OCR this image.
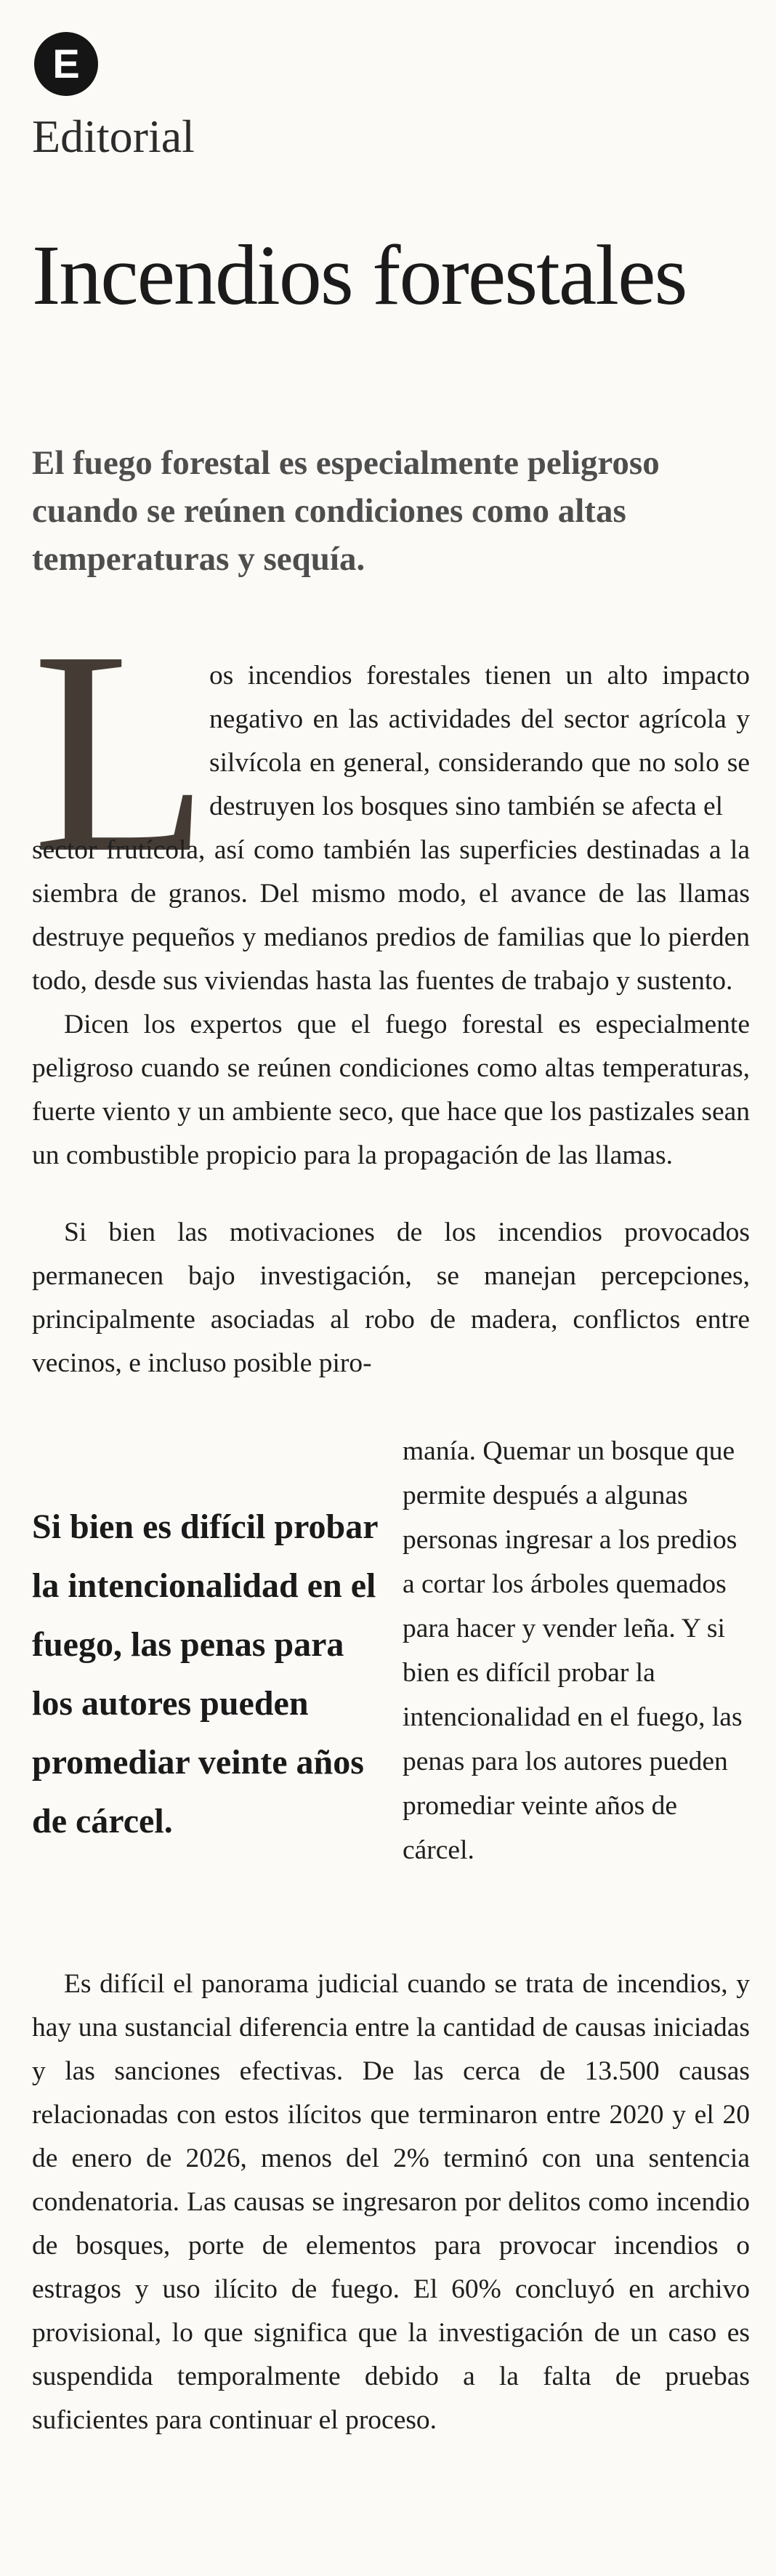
E
Editorial
Incendios forestales

El fuego forestal es especialmente peligroso cuando se reúnen condiciones como altas temperaturas y sequía.

L os incendios forestales tienen un alto impacto negativo en las actividades del sector agrícola y silvícola en general, considerando que no solo se destruyen los bosques sino también se afecta el
sector frutícola, así como también las superficies destinadas a la siembra de granos. Del mismo modo, el avance de las llamas destruye pequeños y medianos predios de familias que lo pierden todo, desde sus viviendas hasta las fuentes de trabajo y sustento.

Dicen los expertos que el fuego forestal es especialmente peligroso cuando se reúnen condiciones como altas temperaturas, fuerte viento y un ambiente seco, que hace que los pastizales sean un combustible propicio para la propagación de las llamas.

Si bien las motivaciones de los incendios provocados permanecen bajo investigación, se manejan percepciones, principalmente asociadas al robo de madera, conflictos entre vecinos, e incluso posible piro-

Si bien es difícil probar la intencionalidad en el fuego, las penas para los autores pueden promediar veinte años de cárcel.

manía. Quemar un bosque que permite después a algunas personas ingresar a los predios a cortar los árboles quemados para hacer y vender leña. Y si bien es difícil probar la intencionalidad en el fuego, las penas para los autores pueden promediar veinte años de cárcel.

Es difícil el panorama judicial cuando se trata de incendios, y hay una sustancial diferencia entre la cantidad de causas iniciadas y las sanciones efectivas. De las cerca de 13.500 causas relacionadas con estos ilícitos que terminaron entre 2020 y el 20 de enero de 2026, menos del 2% terminó con una sentencia condenatoria. Las causas se ingresaron por delitos como incendio de bosques, porte de elementos para provocar incendios o estragos y uso ilícito de fuego. El 60% concluyó en archivo provisional, lo que significa que la investigación de un caso es suspendida temporalmente debido a la falta de pruebas suficientes para continuar el proceso.
